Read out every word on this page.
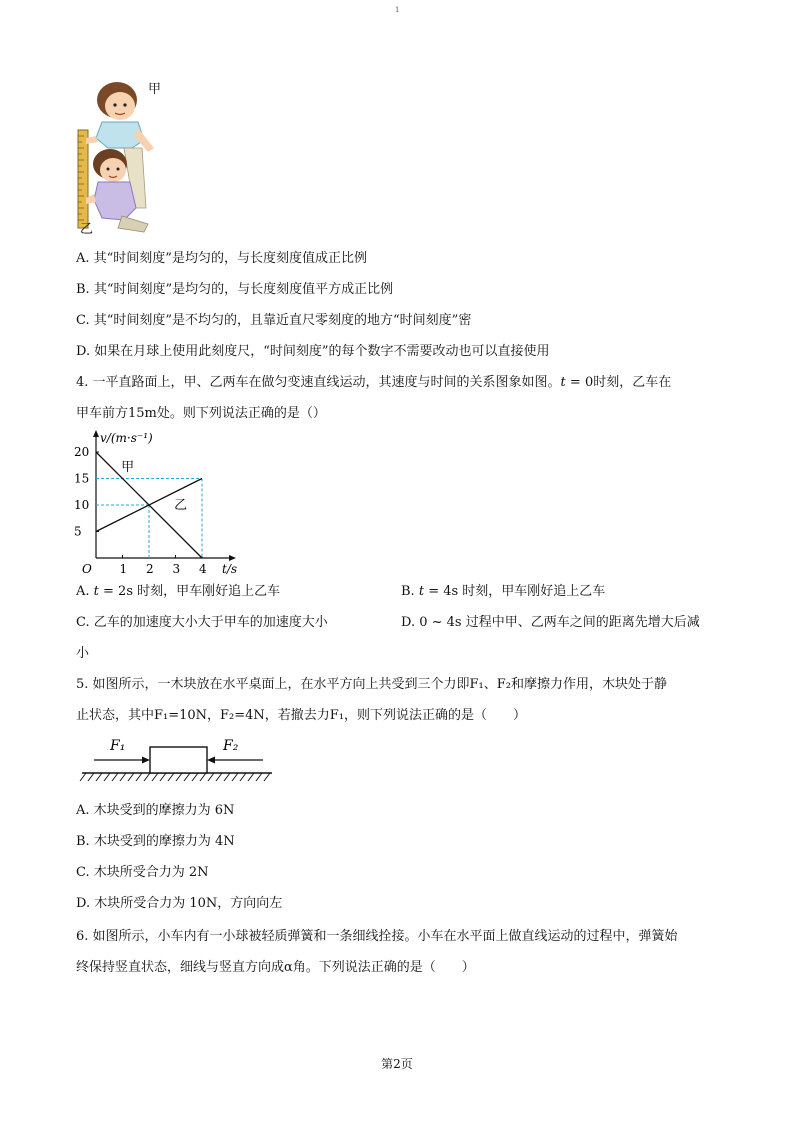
1
甲
乙
A. 其“时间刻度”是均匀的，与长度刻度值成正比例
B. 其“时间刻度”是均匀的，与长度刻度值平方成正比例
C. 其“时间刻度”是不均匀的，且靠近直尺零刻度的地方“时间刻度”密
D. 如果在月球上使用此刻度尺，“时间刻度”的每个数字不需要改动也可以直接使用
4. 一平直路面上，甲、乙两车在做匀变速直线运动，其速度与时间的关系图象如图。t = 0时刻，乙车在
甲车前方15m处。则下列说法正确的是（）
v/(m·s⁻¹)
t/s
O 1 2 3 4
5
10
15
20
甲
乙
A. t = 2s 时刻，甲车刚好追上乙车	B. t = 4s 时刻，甲车刚好追上乙车
C. 乙车的加速度大小大于甲车的加速度大小	D. 0 ~ 4s 过程中甲、乙两车之间的距离先增大后减
小
5. 如图所示，一木块放在水平桌面上，在水平方向上共受到三个力即F₁、F₂和摩擦力作用，木块处于静
止状态，其中F₁=10N，F₂=4N，若撤去力F₁，则下列说法正确的是（　　）
F₁	F₂
A. 木块受到的摩擦力为 6N
B. 木块受到的摩擦力为 4N
C. 木块所受合力为 2N
D. 木块所受合力为 10N，方向向左
6. 如图所示，小车内有一小球被轻质弹簧和一条细线拴接。小车在水平面上做直线运动的过程中，弹簧始
终保持竖直状态，细线与竖直方向成α角。下列说法正确的是（　　）
第2页
